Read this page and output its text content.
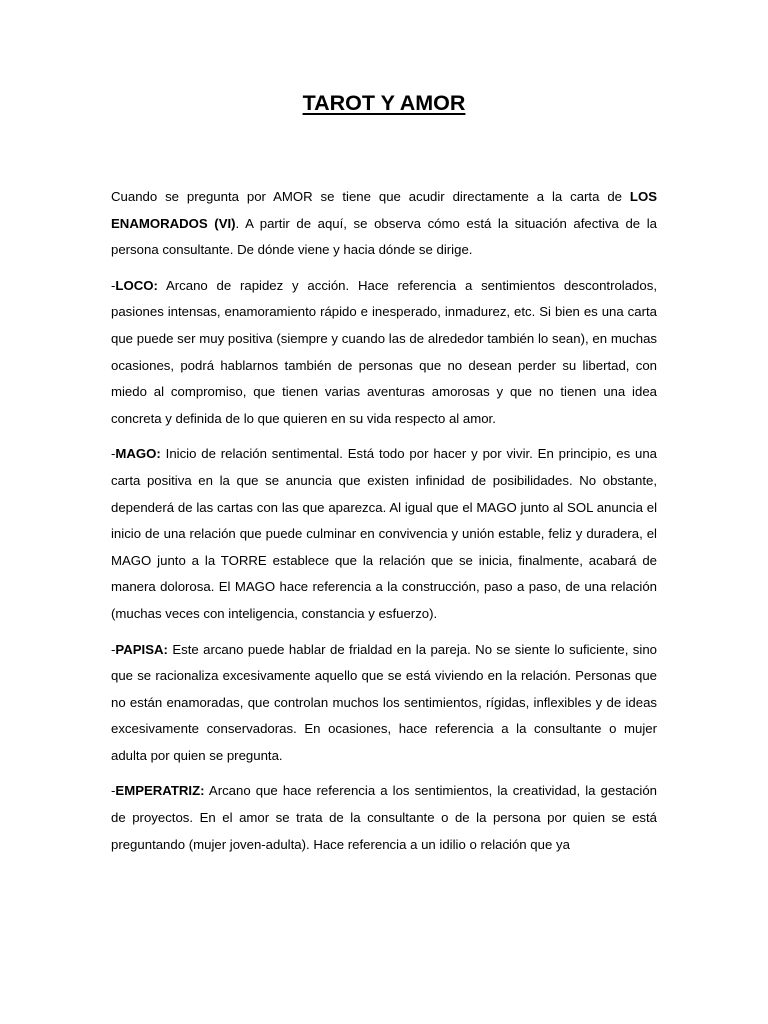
TAROT Y AMOR

Cuando se pregunta por AMOR se tiene que acudir directamente a la carta de LOS ENAMORADOS (VI). A partir de aquí, se observa cómo está la situación afectiva de la persona consultante. De dónde viene y hacia dónde se dirige.

-LOCO: Arcano de rapidez y acción. Hace referencia a sentimientos descontrolados, pasiones intensas, enamoramiento rápido e inesperado, inmadurez, etc. Si bien es una carta que puede ser muy positiva (siempre y cuando las de alrededor también lo sean), en muchas ocasiones, podrá hablarnos también de personas que no desean perder su libertad, con miedo al compromiso, que tienen varias aventuras amorosas y que no tienen una idea concreta y definida de lo que quieren en su vida respecto al amor.

-MAGO: Inicio de relación sentimental. Está todo por hacer y por vivir. En principio, es una carta positiva en la que se anuncia que existen infinidad de posibilidades. No obstante, dependerá de las cartas con las que aparezca. Al igual que el MAGO junto al SOL anuncia el inicio de una relación que puede culminar en convivencia y unión estable, feliz y duradera, el MAGO junto a la TORRE establece que la relación que se inicia, finalmente, acabará de manera dolorosa. El MAGO hace referencia a la construcción, paso a paso, de una relación (muchas veces con inteligencia, constancia y esfuerzo).

-PAPISA: Este arcano puede hablar de frialdad en la pareja. No se siente lo suficiente, sino que se racionaliza excesivamente aquello que se está viviendo en la relación. Personas que no están enamoradas, que controlan muchos los sentimientos, rígidas, inflexibles y de ideas excesivamente conservadoras. En ocasiones, hace referencia a la consultante o mujer adulta por quien se pregunta.

-EMPERATRIZ: Arcano que hace referencia a los sentimientos, la creatividad, la gestación de proyectos. En el amor se trata de la consultante o de la persona por quien se está preguntando (mujer joven-adulta). Hace referencia a un idilio o relación que ya
